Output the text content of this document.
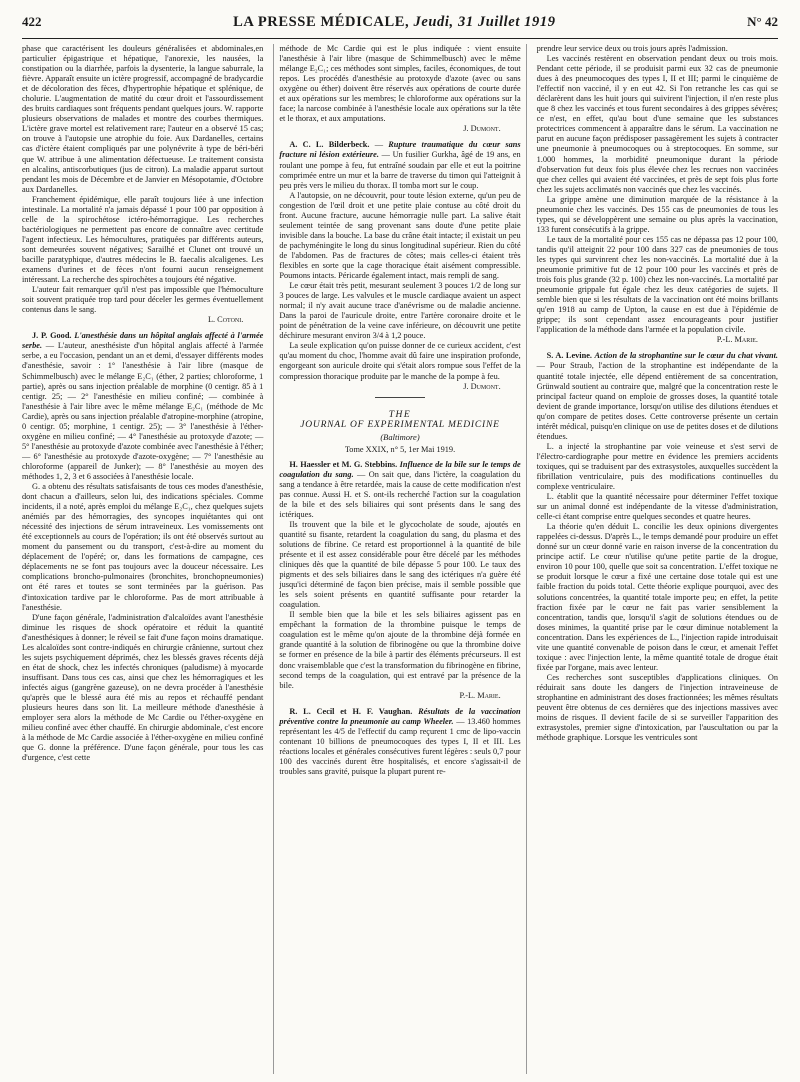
422	LA PRESSE MÉDICALE, Jeudi, 31 Juillet 1919	N° 42

phase que caractérisent les douleurs généralisées et abdominales,en particulier épigastrique et hépatique, l'anorexie, les nausées, la constipation ou la diarrhée, parfois la dysenterie, la langue saburrale, la fièvre. Apparaît ensuite un ictère progressif, accompagné de bradycardie et de décoloration des fèces, d'hypertrophie hépatique et splénique, de cholurie. L'augmentation de matité du cœur droit et l'assourdissement des bruits cardiaques sont fréquents pendant quelques jours. W. rapporte plusieurs observations de malades et montre des courbes thermiques. L'ictère grave mortel est relativement rare; l'auteur en a observé 15 cas; on trouve à l'autopsie une atrophie du foie. Aux Dardanelles, certains cas d'ictère étaient compliqués par une polynévrite à type de béri-béri que W. attribue à une alimentation défectueuse. Le traitement consista en alcalins, antiscorbutiques (jus de citron). La maladie apparut surtout pendant les mois de Décembre et de Janvier en Mésopotamie, d'Octobre aux Dardanelles.

Franchement épidémique, elle paraît toujours liée à une infection intestinale. La mortalité n'a jamais dépassé 1 pour 100 par opposition à celle de la spirochétose ictéro-hémorragique. Les recherches bactériologiques ne permettent pas encore de connaître avec certitude l'agent infectieux. Les hémocultures, pratiquées par différents auteurs, sont demeurées souvent négatives; Sarailhé et Clunet ont trouvé un bacille paratyphique, d'autres médecins le B. faecalis alcaligenes. Les examens d'urines et de fèces n'ont fourni aucun renseignement intéressant. La recherche des spirochètes a toujours été négative.

L'auteur fait remarquer qu'il n'est pas impossible que l'hémoculture soit souvent pratiquée trop tard pour déceler les germes éventuellement contenus dans le sang.

L. Cotoni.

J. P. Good. L'anesthésie dans un hôpital anglais affecté à l'armée serbe. — L'auteur, anesthésiste d'un hôpital anglais affecté à l'armée serbe, a eu l'occasion, pendant un an et demi, d'essayer différents modes d'anesthésie, savoir : 1° l'anesthésie à l'air libre (masque de Schimmelbusch) avec le mélange E₂C₁ (éther, 2 parties; chloroforme, 1 partie), après ou sans injection préalable de morphine (0 centigr. 85 à 1 centigr. 25; — 2° l'anesthésie en milieu confiné; — combinée à l'anesthésie à l'air libre avec le même mélange E₂C₁ (méthode de Mc Cardie), après ou sans injection préalable d'atropine-morphine (atropine, 0 centigr. 05; morphine, 1 centigr. 25); — 3° l'anesthésie à l'éther-oxygène en milieu confiné; — 4° l'anesthésie au protoxyde d'azote; — 5° l'anesthésie au protoxyde d'azote combinée avec l'anesthésie à l'éther; — 6° l'anesthésie au protoxyde d'azote-oxygène; — 7° l'anesthésie au chloroforme (appareil de Junker); — 8° l'anesthésie au moyen des méthodes 1, 2, 3 et 6 associées à l'anesthésie locale.

G. a obtenu des résultats satisfaisants de tous ces modes d'anesthésie, dont chacun a d'ailleurs, selon lui, des indications spéciales. Comme incidents, il a noté, après emploi du mélange E₂C₁, chez quelques sujets anémiés par des hémorragies, des syncopes inquiétantes qui ont nécessité des injections de sérum intraveineux. Les vomissements ont été exceptionnels au cours de l'opération; ils ont été observés surtout au moment du pansement ou du transport, c'est-à-dire au moment du déplacement de l'opéré; or, dans les formations de campagne, ces déplacements ne se font pas toujours avec la douceur nécessaire. Les complications broncho-pulmonaires (bronchites, bronchopneumonies) ont été rares et toutes se sont terminées par la guérison. Pas d'intoxication tardive par le chloroforme. Pas de mort attribuable à l'anesthésie.

D'une façon générale, l'administration d'alcaloïdes avant l'anesthésie diminue les risques de shock opératoire et réduit la quantité d'anesthésiques à donner; le réveil se fait d'une façon moins dramatique. Les alcaloïdes sont contre-indiqués en chirurgie crânienne, surtout chez les sujets psychiquement déprimés, chez les blessés graves récents déjà en état de shock, chez les infectés chroniques (paludisme) à myocarde insuffisant. Dans tous ces cas, ainsi que chez les hémorragiques et les infectés aigus (gangrène gazeuse), on ne devra procéder à l'anesthésie qu'après que le blessé aura été mis au repos et réchauffé pendant plusieurs heures dans son lit. La meilleure méthode d'anesthésie à employer sera alors la méthode de Mc Cardie ou l'éther-oxygène en milieu confiné avec éther chauffé. En chirurgie abdominale, c'est encore à la méthode de Mc Cardie associée à l'éther-oxygène en milieu confiné que G. donne la préférence. D'une façon générale, pour tous les cas d'urgence, c'est cette

méthode de Mc Cardie qui est le plus indiquée : vient ensuite l'anesthésie à l'air libre (masque de Schimmelbusch) avec le même mélange E₂C₁; ces méthodes sont simples, faciles, économiques, de tout repos. Les procédés d'anesthésie au protoxyde d'azote (avec ou sans oxygène ou éther) doivent être réservés aux opérations de courte durée et aux opérations sur les membres; le chloroforme aux opérations sur la face; la narcose combinée à l'anesthésie locale aux opérations sur la tête et le thorax, et aux amputations.

J. Dumont.

A. C. L. Bilderbeck. — Rupture traumatique du cœur sans fracture ni lésion extérieure. — Un fusilier Gurkha, âgé de 19 ans, en roulant une pompe à feu, fut entraîné soudain par elle et eut la poitrine comprimée entre un mur et la barre de traverse du timon qui l'atteignit à peu près vers le milieu du thorax. Il tomba mort sur le coup.

A l'autopsie, on ne découvrit, pour toute lésion externe, qu'un peu de congestion de l'œil droit et une petite plaie contuse au côté droit du front. Aucune fracture, aucune hémorragie nulle part. La salive était seulement teintée de sang provenant sans doute d'une petite plaie invisible dans la bouche. La base du crâne était intacte; il existait un peu de pachyméningite le long du sinus longitudinal supérieur. Rien du côté de l'abdomen. Pas de fractures de côtes; mais celles-ci étaient très flexibles en sorte que la cage thoracique était aisément compressible. Poumons intacts. Péricarde également intact, mais rempli de sang.

Le cœur était très petit, mesurant seulement 3 pouces 1/2 de long sur 3 pouces de large. Les valvules et le muscle cardiaque avaient un aspect normal; il n'y avait aucune trace d'anévrisme ou de maladie ancienne. Dans la paroi de l'auricule droite, entre l'artère coronaire droite et le point de pénétration de la veine cave inférieure, on découvrit une petite déchirure mesurant environ 3/4 à 1,2 pouce.

La seule explication qu'on puisse donner de ce curieux accident, c'est qu'au moment du choc, l'homme avait dû faire une inspiration profonde, engorgeant son auricule droite qui s'était alors rompue sous l'effet de la compression thoracique produite par le manche de la pompe à feu.

J. Dumont.
THE
JOURNAL OF EXPERIMENTAL MEDICINE
(Baltimore)
Tome XXIX, n° 5, 1er Mai 1919.

H. Haessler et M. G. Stebbins. Influence de la bile sur le temps de coagulation du sang. — On sait que, dans l'ictère, la coagulation du sang a tendance à être retardée, mais la cause de cette modification n'est pas connue. Aussi H. et S. ont-ils recherché l'action sur la coagulation de la bile et des sels biliaires qui sont présents dans le sang des ictériques.

Ils trouvent que la bile et le glycocholate de soude, ajoutés en quantité su fisante, retardent la coagulation du sang, du plasma et des solutions de fibrine. Ce retard est proportionnel à la quantité de bile présente et il est assez considérable pour être décelé par les méthodes cliniques dès que la quantité de bile dépasse 5 pour 100. Le taux des pigments et des sels biliaires dans le sang des ictériques n'a guère été jusqu'ici déterminé de façon bien précise, mais il semble possible que les sels soient présents en quantité suffisante pour retarder la coagulation.

Il semble bien que la bile et les sels biliaires agissent pas en empêchant la formation de la thrombine puisque le temps de coagulation est le même qu'on ajoute de la thrombine déjà formée en grande quantité à la solution de fibrinogène ou que la thrombine doive se former en présence de la bile à partir des éléments précurseurs. Il est donc vraisemblable que c'est la transformation du fibrinogène en fibrine, second temps de la coagulation, qui est entravé par la présence de la bile.

P.-L. Marie.

R. L. Cecil et H. F. Vaughan. Résultats de la vaccination préventive contre la pneumonie au camp Wheeler. — 13.460 hommes représentant les 4/5 de l'effectif du camp reçurent 1 cmc de lipo-vaccin contenant 10 billions de pneumocoques des types I, II et III. Les réactions locales et générales consécutives furent légères : seuls 0,7 pour 100 des vaccinés durent être hospitalisés, et encore s'agissait-il de troubles sans gravité, puisque la plupart purent re-

prendre leur service deux ou trois jours après l'admission.

Les vaccinés restèrent en observation pendant deux ou trois mois. Pendant cette période, il se produisit parmi eux 32 cas de pneumonie dues à des pneumocoques des types I, II et III; parmi le cinquième de l'effectif non vacciné, il y en eut 42. Si l'on retranche les cas qui se déclarèrent dans les huit jours qui suivirent l'injection, il n'en reste plus que 8 chez les vaccinés et tous furent secondaires à des grippes sévères; ce n'est, en effet, qu'au bout d'une semaine que les substances protectrices commencent à apparaître dans le sérum. La vaccination ne parut en aucune façon prédisposer passagèrement les sujets à contracter une pneumonie à pneumocoques ou à streptocoques. En somme, sur 1.000 hommes, la morbidité pneumonique durant la période d'observation fut deux fois plus élevée chez les recrues non vaccinées que chez celles qui avaient été vaccinées, et près de sept fois plus forte chez les sujets acclimatés non vaccinés que chez les vaccinés.

La grippe amène une diminution marquée de la résistance à la pneumonie chez les vaccinés. Des 155 cas de pneumonies de tous les types, qui se développèrent une semaine ou plus après la vaccination, 133 furent consécutifs à la grippe.

Le taux de la mortalité pour ces 155 cas ne dépassa pas 12 pour 100, tandis qu'il atteignit 22 pour 100 dans 327 cas de pneumonies de tous les types qui survinrent chez les non-vaccinés. La mortalité due à la pneumonie primitive fut de 12 pour 100 pour les vaccinés et près de trois fois plus grande (32 p. 100) chez les non-vaccinés. La mortalité par pneumonie grippale fut égale chez les deux catégories de sujets. Il semble bien que si les résultats de la vaccination ont été moins brillants qu'en 1918 au camp de Upton, la cause en est due à l'épidémie de grippe; ils sont cependant assez encourageants pour justifier l'application de la méthode dans l'armée et la population civile.

P.-L. Marie.

S. A. Levine. Action de la strophantine sur le cœur du chat vivant. — Pour Straub, l'action de la strophantine est indépendante de la quantité totale injectée, elle dépend entièrement de sa concentration, Grünwald soutient au contraire que, malgré que la concentration reste le principal facteur quand on emploie de grosses doses, la quantité totale devient de grande importance, lorsqu'on utilise des dilutions étendues et qu'on compare de petites doses. Cette controverse présente un certain intérêt médical, puisqu'en clinique on use de petites doses et de dilutions étendues.

L. a injecté la strophantine par voie veineuse et s'est servi de l'électro-cardiographe pour mettre en évidence les premiers accidents toxiques, qui se traduisent par des extrasystoles, auxquelles succèdent la fibrillation ventriculaire, puis des modifications continuelles du complexe ventriculaire.

L. établit que la quantité nécessaire pour déterminer l'effet toxique sur un animal donné est indépendante de la vitesse d'administration, celle-ci étant comprise entre quelques secondes et quatre heures.

La théorie qu'en déduit L. concilie les deux opinions divergentes rappelées ci-dessus. D'après L., le temps demandé pour produire un effet donné sur un cœur donné varie en raison inverse de la concentration du principe actif. Le cœur n'utilise qu'une petite partie de la drogue, environ 10 pour 100, quelle que soit sa concentration. L'effet toxique ne se produit lorsque le cœur a fixé une certaine dose totale qui est une faible fraction du poids total. Cette théorie explique pourquoi, avec des solutions concentrées, la quantité totale importe peu; en effet, la petite fraction fixée par le cœur ne fait pas varier sensiblement la concentration, tandis que, lorsqu'il s'agit de solutions étendues ou de doses minimes, la quantité prise par le cœur diminue notablement la concentration. Dans les expériences de L., l'injection rapide introduisait vite une quantité convenable de poison dans le cœur, et amenait l'effet toxique : avec l'injection lente, la même quantité totale de drogue était fixée par l'organe, mais avec lenteur.

Ces recherches sont susceptibles d'applications cliniques. On réduirait sans doute les dangers de l'injection intraveineuse de strophantine en administrant des doses fractionnées; les mêmes résultats peuvent être obtenus de ces dernières que des injections massives avec moins de risques. Il devient facile de si se surveiller l'apparition des extrasystoles, premier signe d'intoxication, par l'auscultation ou par la méthode graphique. Lorsque les ventricules sont
